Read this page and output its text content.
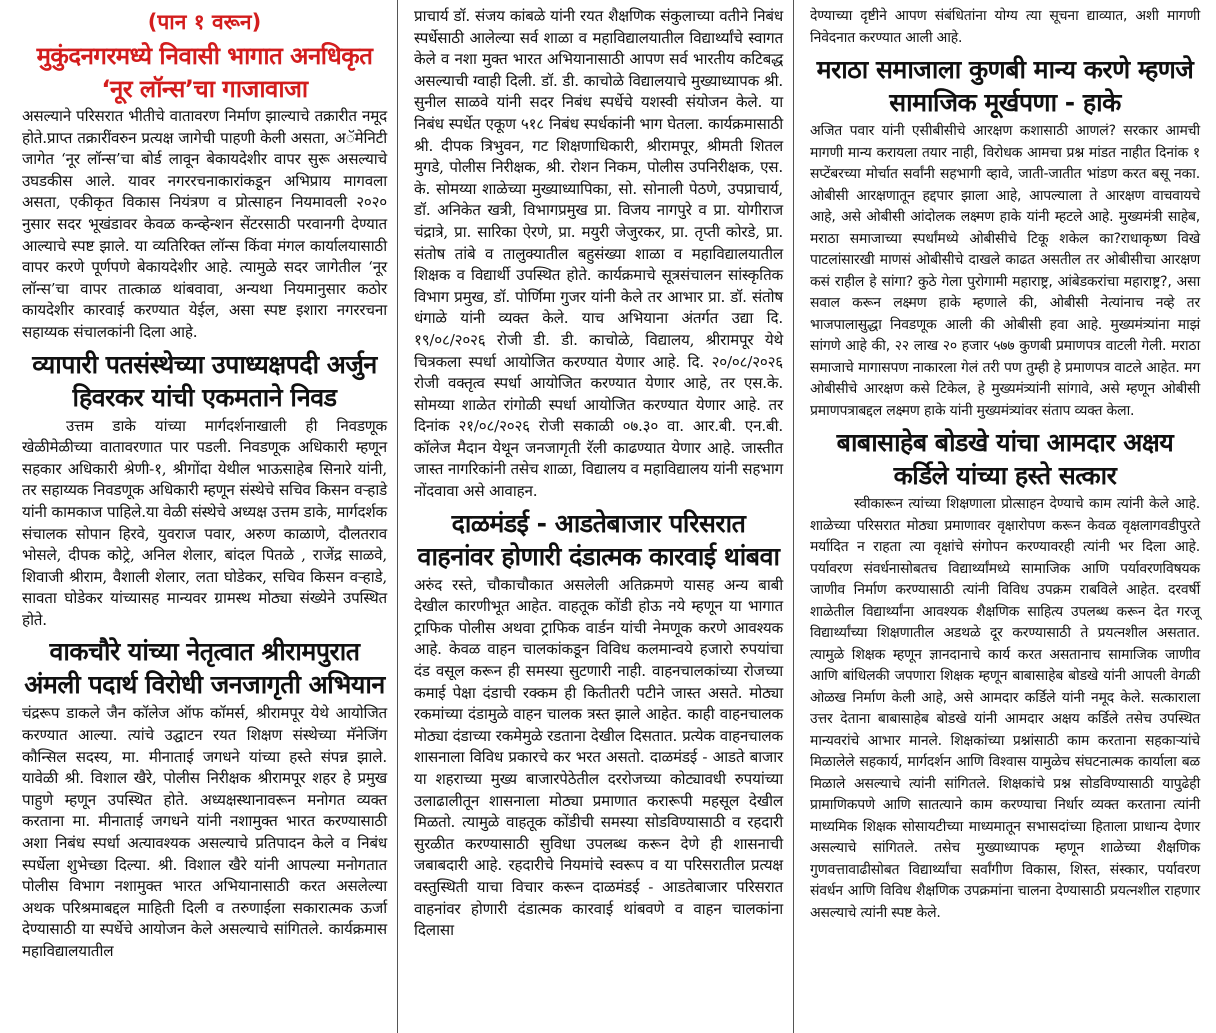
(पान १ वरून)
मुकुंदनगरमध्ये निवासी भागात अनधिकृत ‘नूर लॉन्स’चा गाजावाजा

असल्याने परिसरात भीतीचे वातावरण निर्माण झाल्याचे तक्रारीत नमूद होते.प्राप्त तक्रारींवरुन प्रत्यक्ष जागेची पाहणी केली असता, अॅमेनिटी जागेत ‘नूर लॉन्स’चा बोर्ड लावून बेकायदेशीर वापर सुरू असल्याचे उघडकीस आले. यावर नगररचनाकारांकडून अभिप्राय मागवला असता, एकीकृत विकास नियंत्रण व प्रोत्साहन नियमावली २०२० नुसार सदर भूखंडावर केवळ कन्व्हेन्शन सेंटरसाठी परवानगी देण्यात आल्याचे स्पष्ट झाले. या व्यतिरिक्त लॉन्स किंवा मंगल कार्यालयासाठी वापर करणे पूर्णपणे बेकायदेशीर आहे. त्यामुळे सदर जागेतील ‘नूर लॉन्स’चा वापर तात्काळ थांबवावा, अन्यथा नियमानुसार कठोर कायदेशीर कारवाई करण्यात येईल, असा स्पष्ट इशारा नगररचना सहाय्यक संचालकांनी दिला आहे.

व्यापारी पतसंस्थेच्या उपाध्यक्षपदी अर्जुन हिवरकर यांची एकमताने निवड

उत्तम डाके यांच्या मार्गदर्शनाखाली ही निवडणूक खेळीमेळीच्या वातावरणात पार पडली. निवडणूक अधिकारी म्हणून सहकार अधिकारी श्रेणी-१, श्रीगोंदा येथील भाऊसाहेब सिनारे यांनी, तर सहाय्यक निवडणूक अधिकारी म्हणून संस्थेचे सचिव किसन वऱ्हाडे यांनी कामकाज पाहिले.या वेळी संस्थेचे अध्यक्ष उत्तम डाके, मार्गदर्शक संचालक सोपान हिरवे, युवराज पवार, अरुण काळाणे, दौलतराव भोसले, दीपक कोट्रे, अनिल शेलार, बांदल पितळे , राजेंद्र साळवे, शिवाजी श्रीराम, वैशाली शेलार, लता घोडेकर, सचिव किसन वऱ्हाडे, सावता घोडेकर यांच्यासह मान्यवर ग्रामस्थ मोठ्या संख्येने उपस्थित होते.

वाकचौरे यांच्या नेतृत्वात श्रीरामपुरात अंमली पदार्थ विरोधी जनजागृती अभियान

चंद्ररूप डाकले जैन कॉलेज ऑफ कॉमर्स, श्रीरामपूर येथे आयोजित करण्यात आल्या. त्यांचे उद्घाटन रयत शिक्षण संस्थेच्या मॅनेजिंग कौन्सिल सदस्य, मा. मीनाताई जगधने यांच्या हस्ते संपन्न झाले. यावेळी श्री. विशाल खैरे, पोलीस निरीक्षक श्रीरामपूर शहर हे प्रमुख पाहुणे म्हणून उपस्थित होते. अध्यक्षस्थानावरून मनोगत व्यक्त करताना मा. मीनाताई जगधने यांनी नशामुक्त भारत करण्यासाठी अशा निबंध स्पर्धा अत्यावश्यक असल्याचे प्रतिपादन केले व निबंध स्पर्धेला शुभेच्छा दिल्या. श्री. विशाल खैरे यांनी आपल्या मनोगतात पोलीस विभाग नशामुक्त भारत अभियानासाठी करत असलेल्या अथक परिश्रमाबद्दल माहिती दिली व तरुणाईला सकारात्मक ऊर्जा देण्यासाठी या स्पर्धेचे आयोजन केले असल्याचे सांगितले. कार्यक्रमास महाविद्यालयातील

प्राचार्य डॉ. संजय कांबळे यांनी रयत शैक्षणिक संकुलाच्या वतीने निबंध स्पर्धेसाठी आलेल्या सर्व शाळा व महाविद्यालयातील विद्यार्थ्यांचे स्वागत केले व नशा मुक्त भारत अभियानासाठी आपण सर्व भारतीय कटिबद्ध असल्याची ग्वाही दिली. डॉ. डी. काचोळे विद्यालयाचे मुख्याध्यापक श्री. सुनील साळवे यांनी सदर निबंध स्पर्धेचे यशस्वी संयोजन केले. या निबंध स्पर्धेत एकूण ५१८ निबंध स्पर्धकांनी भाग घेतला. कार्यक्रमासाठी श्री. दीपक त्रिभुवन, गट शिक्षणाधिकारी, श्रीरामपूर, श्रीमती शितल मुगडे, पोलीस निरीक्षक, श्री. रोशन निकम, पोलीस उपनिरीक्षक, एस. के. सोमय्या शाळेच्या मुख्याध्यापिका, सो. सोनाली पेठणे, उपप्राचार्य, डॉ. अनिकेत खत्री, विभागप्रमुख प्रा. विजय नागपुरे व प्रा. योगीराज चंद्रात्रे, प्रा. सारिका ऐरणे, प्रा. मयुरी जेजुरकर, प्रा. तृप्ती कोरडे, प्रा. संतोष तांबे व तालुक्यातील बहुसंख्या शाळा व महाविद्यालयातील शिक्षक व विद्यार्थी उपस्थित होते. कार्यक्रमाचे सूत्रसंचालन सांस्कृतिक विभाग प्रमुख, डॉ. पोर्णिमा गुजर यांनी केले तर आभार प्रा. डॉ. संतोष धंगाळे यांनी व्यक्त केले. याच अभियाना अंतर्गत उद्या दि. १९/०८/२०२६ रोजी डी. डी. काचोळे, विद्यालय, श्रीरामपूर येथे चित्रकला स्पर्धा आयोजित करण्यात येणार आहे. दि. २०/०८/२०२६ रोजी वक्तृत्व स्पर्धा आयोजित करण्यात येणार आहे, तर एस.के. सोमय्या शाळेत रांगोळी स्पर्धा आयोजित करण्यात येणार आहे. तर दिनांक २१/०८/२०२६ रोजी सकाळी ०७.३० वा. आर.बी. एन.बी. कॉलेज मैदान येथून जनजागृती रॅली काढण्यात येणार आहे. जास्तीत जास्त नागरिकांनी तसेच शाळा, विद्यालय व महाविद्यालय यांनी सहभाग नोंदवावा असे आवाहन.

दाळमंडई - आडतेबाजार परिसरात वाहनांवर होणारी दंडात्मक कारवाई थांबवा

अरुंद रस्ते, चौकाचौकात असलेली अतिक्रमणे यासह अन्य बाबी देखील कारणीभूत आहेत. वाहतूक कोंडी होऊ नये म्हणून या भागात ट्राफिक पोलीस अथवा ट्राफिक वार्डन यांची नेमणूक करणे आवश्यक आहे. केवळ वाहन चालकांकडून विविध कलमान्वये हजारो रुपयांचा दंड वसूल करून ही समस्या सुटणारी नाही. वाहनचालकांच्या रोजच्या कमाई पेक्षा दंडाची रक्कम ही कितीतरी पटीने जास्त असते. मोठ्या रकमांच्या दंडामुळे वाहन चालक त्रस्त झाले आहेत. काही वाहनचालक मोठ्या दंडाच्या रकमेमुळे रडताना देखील दिसतात. प्रत्येक वाहनचालक शासनाला विविध प्रकारचे कर भरत असतो. दाळमंडई - आडते बाजार या शहराच्या मुख्य बाजारपेठेतील दररोजच्या कोट्यावधी रुपयांच्या उलाढालीतून शासनाला मोठ्या प्रमाणात करारूपी महसूल देखील मिळतो. त्यामुळे वाहतूक कोंडीची समस्या सोडविण्यासाठी व रहदारी सुरळीत करण्यासाठी सुविधा उपलब्ध करून देणे ही शासनाची जबाबदारी आहे. रहदारीचे नियमांचे स्वरूप व या परिसरातील प्रत्यक्ष वस्तुस्थिती याचा विचार करून दाळमंडई - आडतेबाजार परिसरात वाहनांवर होणारी दंडात्मक कारवाई थांबवणे व वाहन चालकांना दिलासा

देण्याच्या दृष्टीने आपण संबंधितांना योग्य त्या सूचना द्याव्यात, अशी मागणी निवेदनात करण्यात आली आहे.

मराठा समाजाला कुणबी मान्य करणे म्हणजे सामाजिक मूर्खपणा - हाके

अजित पवार यांनी एसीबीसीचे आरक्षण कशासाठी आणलं? सरकार आमची मागणी मान्य करायला तयार नाही, विरोधक आमचा प्रश्न मांडत नाहीत दिनांक १ सप्टेंबरच्या मोर्चात सर्वांनी सहभागी व्हावे, जाती-जातीत भांडण करत बसू नका. ओबीसी आरक्षणातून हद्दपार झाला आहे, आपल्याला ते आरक्षण वाचवायचे आहे, असे ओबीसी आंदोलक लक्ष्मण हाके यांनी म्हटले आहे. मुख्यमंत्री साहेब, मराठा समाजाच्या स्पर्धांमध्ये ओबीसीचे टिकू शकेल का?राधाकृष्ण विखे पाटलांसारखी माणसं ओबीसीचे दाखले काढत असतील तर ओबीसीचा आरक्षण कसं राहील हे सांगा? कुठे गेला पुरोगामी महाराष्ट्र, आंबेडकरांचा महाराष्ट्र?, असा सवाल करून लक्ष्मण हाके म्हणाले की, ओबीसी नेत्यांनाच नव्हे तर भाजपालासुद्धा निवडणूक आली की ओबीसी हवा आहे. मुख्यमंत्र्यांना माझं सांगणे आहे की, २२ लाख २० हजार ५७७ कुणबी प्रमाणपत्र वाटली गेली. मराठा समाजाचे मागासपण नाकारला गेलं तरी पण तुम्ही हे प्रमाणपत्र वाटले आहेत. मग ओबीसीचे आरक्षण कसे टिकेल, हे मुख्यमंत्र्यांनी सांगावे, असे म्हणून ओबीसी प्रमाणपत्राबद्दल लक्ष्मण हाके यांनी मुख्यमंत्र्यांवर संताप व्यक्त केला.

बाबासाहेब बोडखे यांचा आमदार अक्षय कर्डिले यांच्या हस्ते सत्कार

स्वीकारून त्यांच्या शिक्षणाला प्रोत्साहन देण्याचे काम त्यांनी केले आहे. शाळेच्या परिसरात मोठ्या प्रमाणावर वृक्षारोपण करून केवळ वृक्षलागवडीपुरते मर्यादित न राहता त्या वृक्षांचे संगोपन करण्यावरही त्यांनी भर दिला आहे. पर्यावरण संवर्धनासोबतच विद्यार्थ्यांमध्ये सामाजिक आणि पर्यावरणविषयक जाणीव निर्माण करण्यासाठी त्यांनी विविध उपक्रम राबविले आहेत. दरवर्षी शाळेतील विद्यार्थ्यांना आवश्यक शैक्षणिक साहित्य उपलब्ध करून देत गरजू विद्यार्थ्यांच्या शिक्षणातील अडथळे दूर करण्यासाठी ते प्रयत्नशील असतात. त्यामुळे शिक्षक म्हणून ज्ञानदानाचे कार्य करत असतानाच सामाजिक जाणीव आणि बांधिलकी जपणारा शिक्षक म्हणून बाबासाहेब बोडखे यांनी आपली वेगळी ओळख निर्माण केली आहे, असे आमदार कर्डिले यांनी नमूद केले. सत्काराला उत्तर देताना बाबासाहेब बोडखे यांनी आमदार अक्षय कर्डिले तसेच उपस्थित मान्यवरांचे आभार मानले. शिक्षकांच्या प्रश्नांसाठी काम करताना सहकाऱ्यांचे मिळालेले सहकार्य, मार्गदर्शन आणि विश्वास यामुळेच संघटनात्मक कार्याला बळ मिळाले असल्याचे त्यांनी सांगितले. शिक्षकांचे प्रश्न सोडविण्यासाठी यापुढेही प्रामाणिकपणे आणि सातत्याने काम करण्याचा निर्धार व्यक्त करताना त्यांनी माध्यमिक शिक्षक सोसायटीच्या माध्यमातून सभासदांच्या हिताला प्राधान्य देणार असल्याचे सांगितले. तसेच मुख्याध्यापक म्हणून शाळेच्या शैक्षणिक गुणवत्तावाढीसोबत विद्यार्थ्यांचा सर्वांगीण विकास, शिस्त, संस्कार, पर्यावरण संवर्धन आणि विविध शैक्षणिक उपक्रमांना चालना देण्यासाठी प्रयत्नशील राहणार असल्याचे त्यांनी स्पष्ट केले.
